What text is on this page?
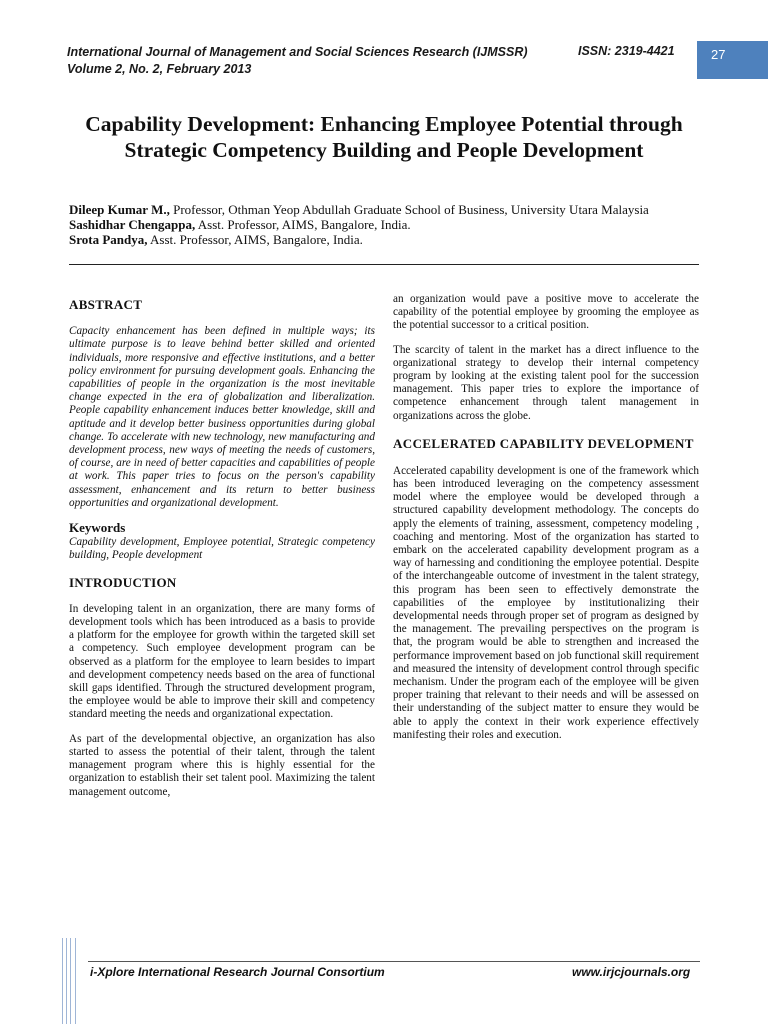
International Journal of Management and Social Sciences Research (IJMSSR)
Volume 2, No. 2, February 2013
ISSN: 2319-4421	27
Capability Development: Enhancing Employee Potential through Strategic Competency Building and People Development
Dileep Kumar M., Professor, Othman Yeop Abdullah Graduate School of Business, University Utara Malaysia
Sashidhar Chengappa, Asst. Professor, AIMS, Bangalore, India.
Srota Pandya, Asst. Professor, AIMS, Bangalore, India.
ABSTRACT

Capacity enhancement has been defined in multiple ways; its ultimate purpose is to leave behind better skilled and oriented individuals, more responsive and effective institutions, and a better policy environment for pursuing development goals. Enhancing the capabilities of people in the organization is the most inevitable change expected in the era of globalization and liberalization. People capability enhancement induces better knowledge, skill and aptitude and it develop better business opportunities during global change. To accelerate with new technology, new manufacturing and development process, new ways of meeting the needs of customers, of course, are in need of better capacities and capabilities of people at work. This paper tries to focus on the person's capability assessment, enhancement and its return to better business opportunities and organizational development.

Keywords

Capability development, Employee potential, Strategic competency building, People development

INTRODUCTION

In developing talent in an organization, there are many forms of development tools which has been introduced as a basis to provide a platform for the employee for growth within the targeted skill set a competency. Such employee development program can be observed as a platform for the employee to learn besides to impart and development competency needs based on the area of functional skill gaps identified. Through the structured development program, the employee would be able to improve their skill and competency standard meeting the needs and organizational expectation.

As part of the developmental objective, an organization has also started to assess the potential of their talent, through the talent management program where this is highly essential for the organization to establish their set talent pool. Maximizing the talent management outcome,

an organization would pave a positive move to accelerate the capability of the potential employee by grooming the employee as the potential successor to a critical position.

The scarcity of talent in the market has a direct influence to the organizational strategy to develop their internal competency program by looking at the existing talent pool for the succession management. This paper tries to explore the importance of competence enhancement through talent management in organizations across the globe.

ACCELERATED CAPABILITY DEVELOPMENT

Accelerated capability development is one of the framework which has been introduced leveraging on the competency assessment model where the employee would be developed through a structured capability development methodology. The concepts do apply the elements of training, assessment, competency modeling , coaching and mentoring. Most of the organization has started to embark on the accelerated capability development program as a way of harnessing and conditioning the employee potential. Despite of the interchangeable outcome of investment in the talent strategy, this program has been seen to effectively demonstrate the capabilities of the employee by institutionalizing their developmental needs through proper set of program as designed by the management. The prevailing perspectives on the program is that, the program would be able to strengthen and increased the performance improvement based on job functional skill requirement and measured the intensity of development control through specific mechanism. Under the program each of the employee will be given proper training that relevant to their needs and will be assessed on their understanding of the subject matter to ensure they would be able to apply the context in their work experience effectively manifesting their roles and execution.

i-Xplore International Research Journal Consortium	www.irjcjournals.org
